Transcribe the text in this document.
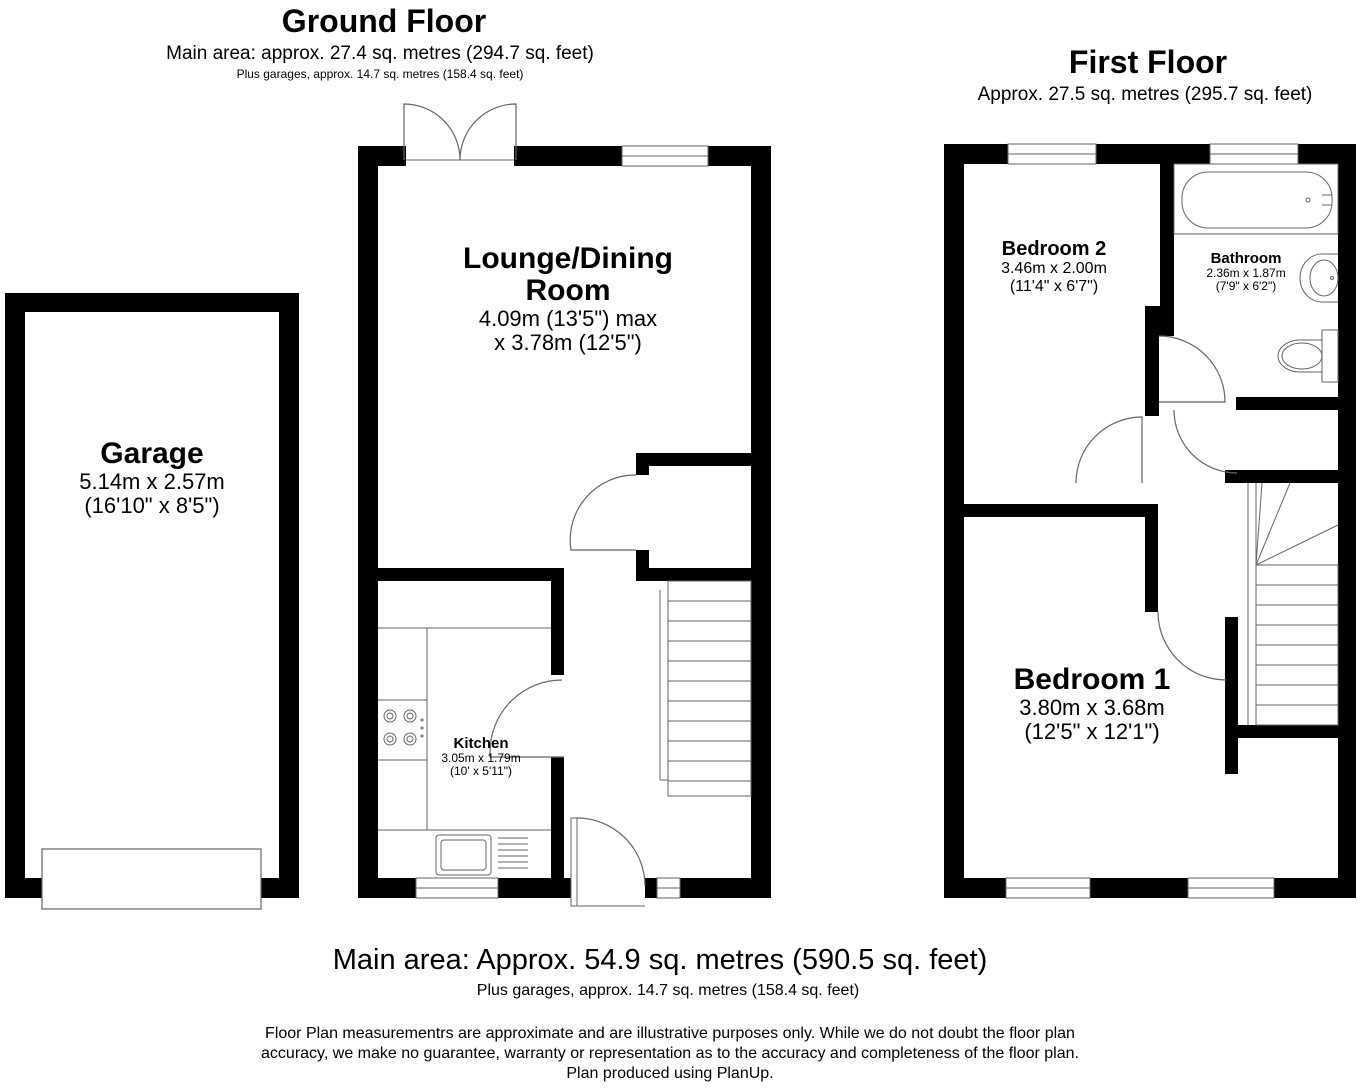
Ground Floor
Main area: approx. 27.4 sq. metres (294.7 sq. feet)
Plus garages, approx. 14.7 sq. metres (158.4 sq. feet)	First Floor
Approx. 27.5 sq. metres (295.7 sq. feet)
Garage
5.14m x 2.57m
(16'10" x 8'5")
Lounge/Dining
Room
4.09m (13'5") max
x 3.78m (12'5")
Kitchen
3.05m x 1.79m
(10' x 5'11")
Bedroom 2
3.46m x 2.00m
(11'4" x 6'7")
Bathroom
2.36m x 1.87m
(7'9" x 6'2")
Bedroom 1
3.80m x 3.68m
(12'5" x 12'1")
Main area: Approx. 54.9 sq. metres (590.5 sq. feet)
Plus garages, approx. 14.7 sq. metres (158.4 sq. feet)
Floor Plan measurementrs are approximate and are illustrative purposes only. While we do not doubt the floor plan
accuracy, we make no guarantee, warranty or representation as to the accuracy and completeness of the floor plan.
Plan produced using PlanUp.
